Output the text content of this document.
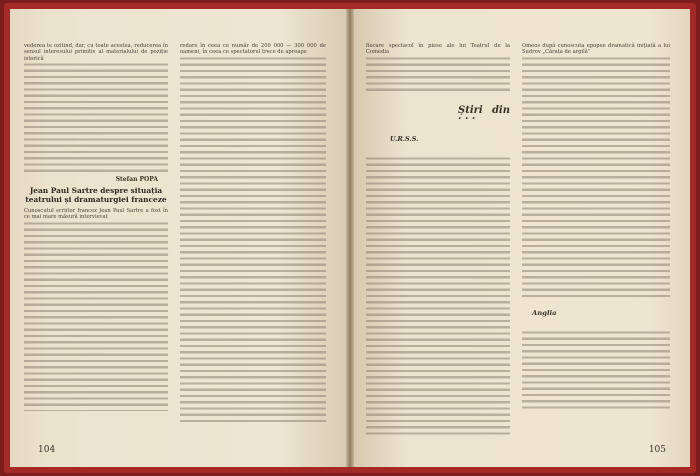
vederea te ozitind, dar, cu toate acestea, reducerea în sensul interesului primitiv al materialului de poziție istorică

Stefan POPA
Jean Paul Sartre despre situația teatrului și dramaturgiei franceze

Cunoscutul scriitor francez Jean Paul Sartre a fost în ce mai mare măsură intervievat

redare în ceea ce număr de 200 000 — 300 000 de oameni, în ceea ce spectatorul trece de aproape

104

fiecare spectacol în piese ale lui Teatrul de la Comedia

Știri din . . .
U.R.S.S.

Omeos după cunoscuta epopee dramatică inițiată a lui Sudrov „Cărața de argilă”

Anglia
105
